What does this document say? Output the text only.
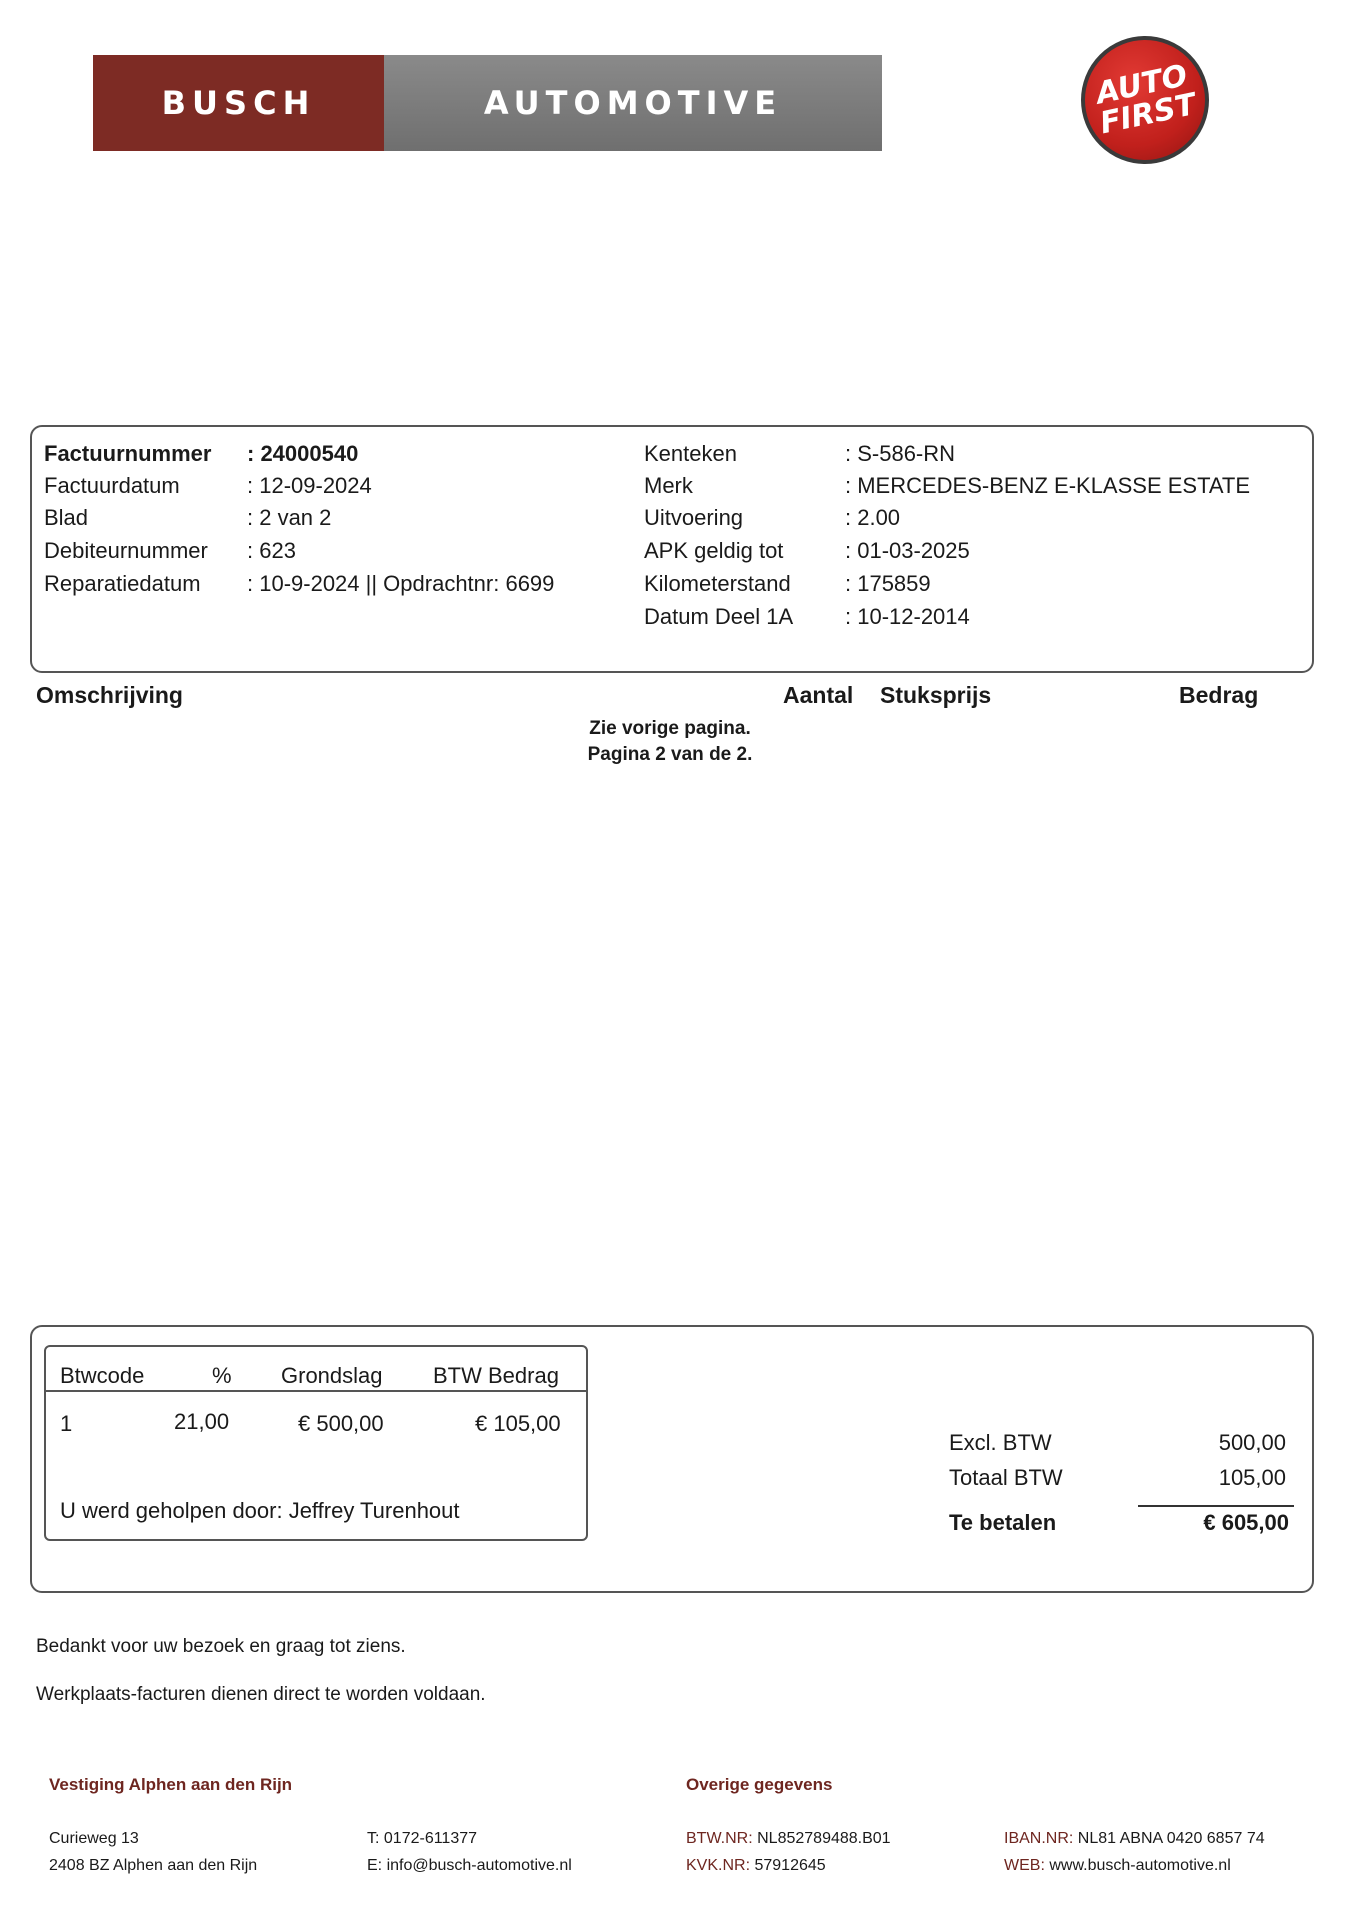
BUSCH	AUTOMOTIVE	AUTO FIRST
Factuurnummer : 24000540
Factuurdatum	: 12-09-2024
Blad	: 2 van 2
Debiteurnummer : 623
Reparatiedatum : 10-9-2024 || Opdrachtnr: 6699
Kenteken	: S-586-RN
Merk	: MERCEDES-BENZ E-KLASSE ESTATE
Uitvoering	: 2.00
APK geldig tot	: 01-03-2025
Kilometerstand : 175859
Datum Deel 1A : 10-12-2014
Omschrijving	Aantal Stuksprijs	Bedrag
Zie vorige pagina.
Pagina 2 van de 2.
Btwcode	% Grondslag BTW Bedrag
1	21,00	€ 500,00	€ 105,00
U werd geholpen door: Jeffrey Turenhout
Excl. BTW	500,00
Totaal BTW	105,00
Te betalen	€ 605,00
Bedankt voor uw bezoek en graag tot ziens.
Werkplaats-facturen dienen direct te worden voldaan.
Vestiging Alphen aan den Rijn	Overige gegevens
Curieweg 13
2408 BZ Alphen aan den Rijn
T: 0172-611377
E: info@busch-automotive.nl
BTW.NR: NL852789488.B01
KVK.NR: 57912645
IBAN.NR: NL81 ABNA 0420 6857 74
WEB: www.busch-automotive.nl
